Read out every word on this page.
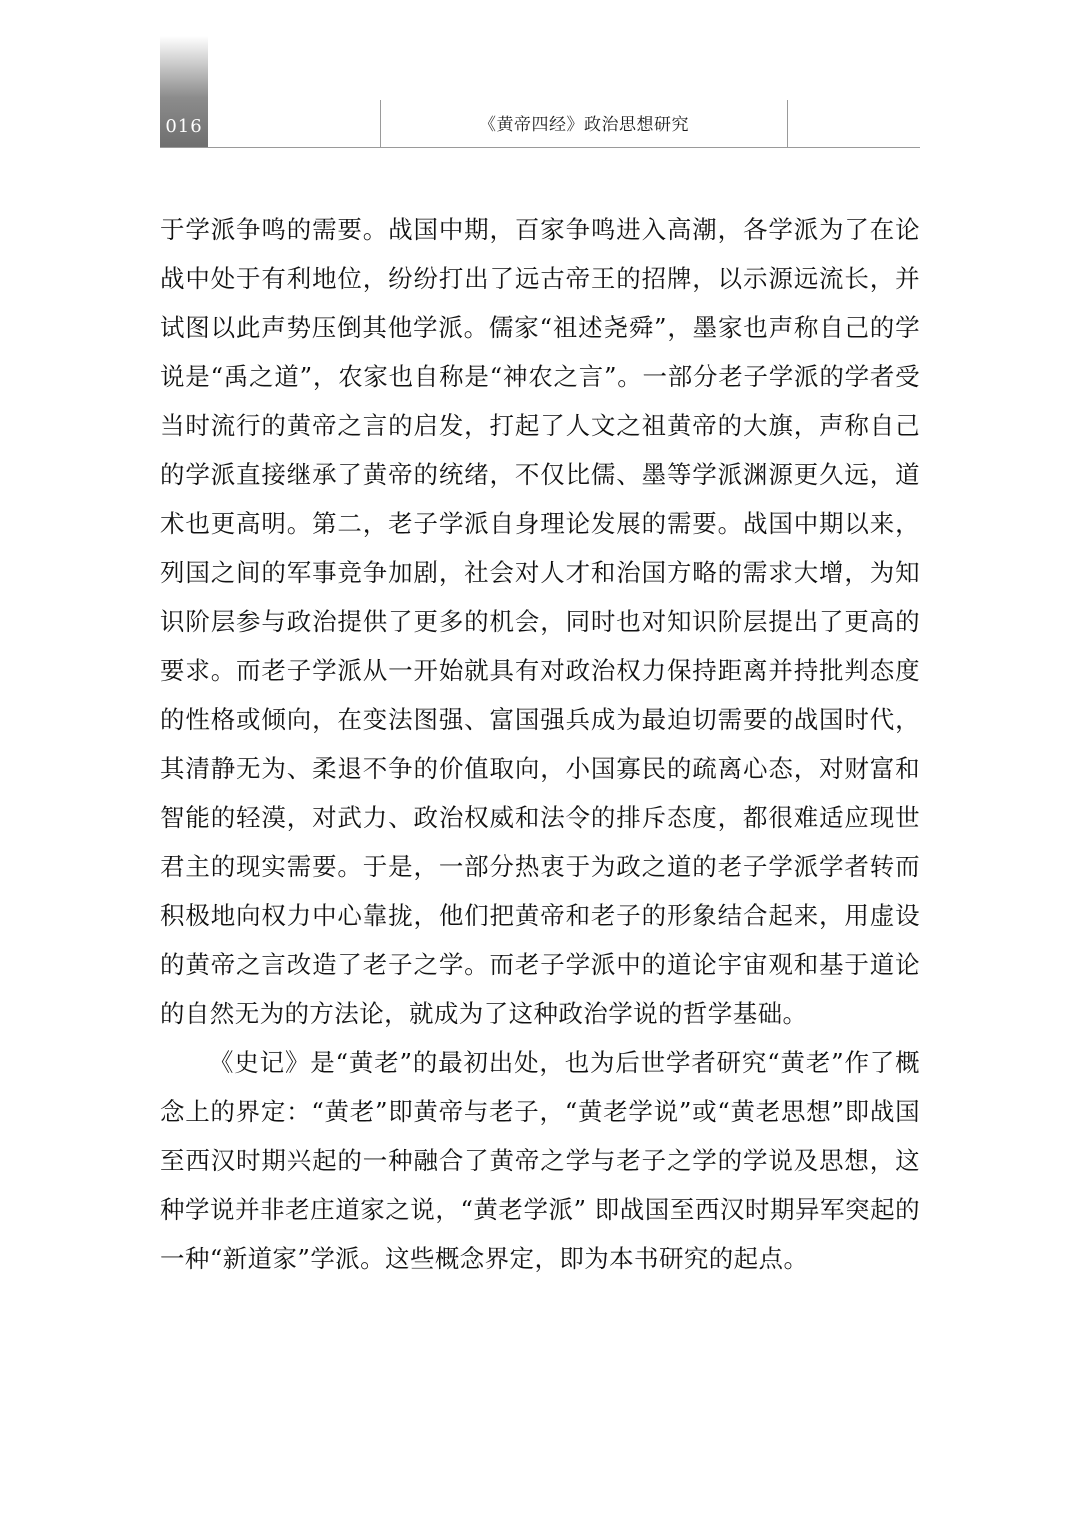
016	《黄帝四经》政治思想研究

于学派争鸣的需要。战国中期，百家争鸣进入高潮，各学派为了在论战中处于有利地位，纷纷打出了远古帝王的招牌，以示源远流长，并试图以此声势压倒其他学派。儒家“祖述尧舜”，墨家也声称自己的学说是“禹之道”，农家也自称是“神农之言”。一部分老子学派的学者受当时流行的黄帝之言的启发，打起了人文之祖黄帝的大旗，声称自己的学派直接继承了黄帝的统绪，不仅比儒、墨等学派渊源更久远，道术也更高明。第二，老子学派自身理论发展的需要。战国中期以来，列国之间的军事竞争加剧，社会对人才和治国方略的需求大增，为知识阶层参与政治提供了更多的机会，同时也对知识阶层提出了更高的要求。而老子学派从一开始就具有对政治权力保持距离并持批判态度的性格或倾向，在变法图强、富国强兵成为最迫切需要的战国时代，其清静无为、柔退不争的价值取向，小国寡民的疏离心态，对财富和智能的轻漠，对武力、政治权威和法令的排斥态度，都很难适应现世君主的现实需要。于是，一部分热衷于为政之道的老子学派学者转而积极地向权力中心靠拢，他们把黄帝和老子的形象结合起来，用虚设的黄帝之言改造了老子之学。而老子学派中的道论宇宙观和基于道论的自然无为的方法论，就成为了这种政治学说的哲学基础。

《史记》是“黄老”的最初出处，也为后世学者研究“黄老”作了概念上的界定：“黄老”即黄帝与老子，“黄老学说”或“黄老思想”即战国至西汉时期兴起的一种融合了黄帝之学与老子之学的学说及思想，这种学说并非老庄道家之说，“黄老学派” 即战国至西汉时期异军突起的一种“新道家”学派。这些概念界定，即为本书研究的起点。
